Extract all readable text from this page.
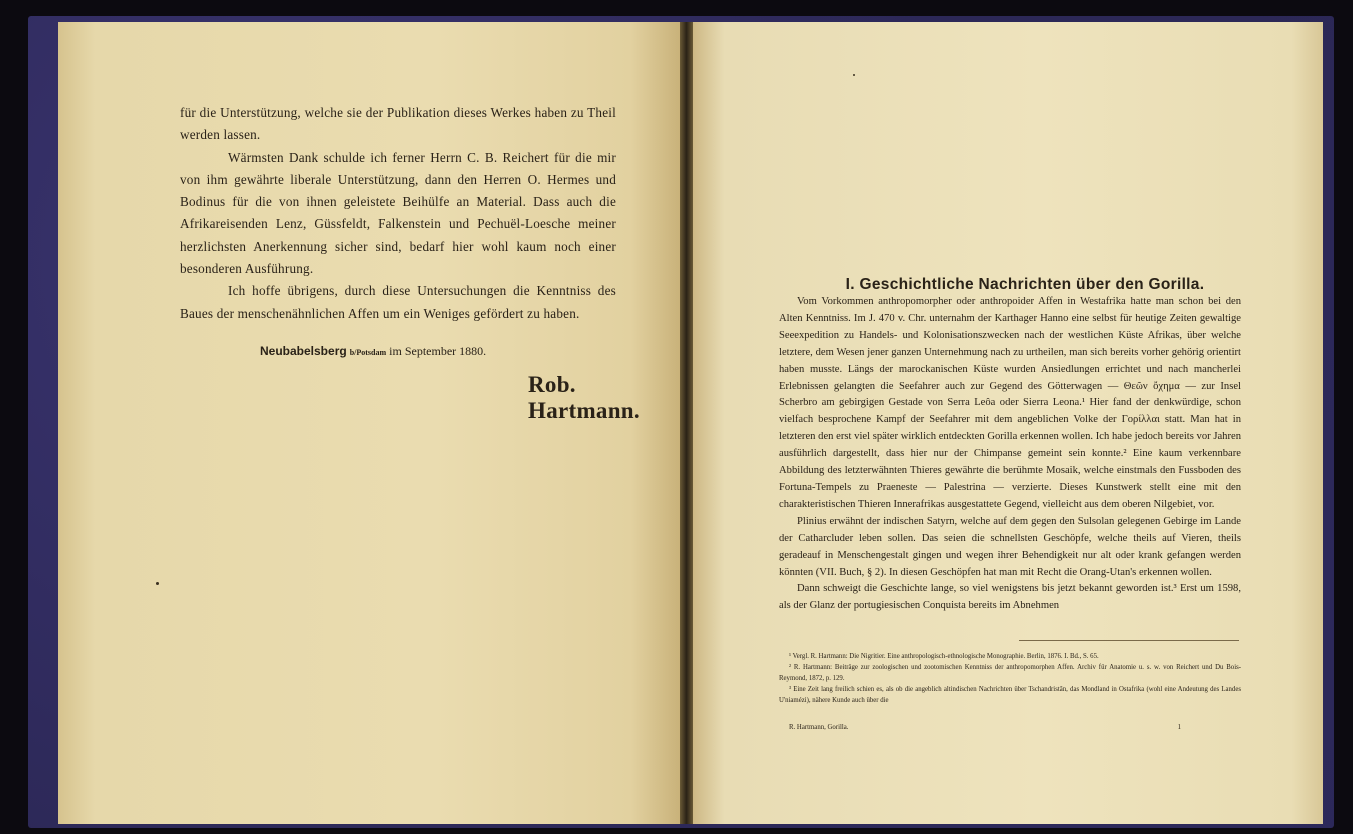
für die Unterstützung, welche sie der Publikation dieses Werkes haben zu Theil werden lassen.

Wärmsten Dank schulde ich ferner Herrn C. B. Reichert für die mir von ihm gewährte liberale Unterstützung, dann den Herren O. Hermes und Bodinus für die von ihnen geleistete Beihülfe an Material. Dass auch die Afrikareisenden Lenz, Güssfeldt, Falkenstein und Pechuël-Loesche meiner herzlichsten Anerkennung sicher sind, bedarf hier wohl kaum noch einer besonderen Ausführung.

Ich hoffe übrigens, durch diese Untersuchungen die Kenntniss des Baues der menschenähnlichen Affen um ein Weniges gefördert zu haben.

Neubabelsberg b/Potsdam im September 1880.
Rob. Hartmann.
I. Geschichtliche Nachrichten über den Gorilla.

Vom Vorkommen anthropomorpher oder anthropoider Affen in Westafrika hatte man schon bei den Alten Kenntniss. Im J. 470 v. Chr. unternahm der Karthager Hanno eine selbst für heutige Zeiten gewaltige Seeexpedition zu Handels- und Kolonisationszwecken nach der westlichen Küste Afrikas, über welche letztere, dem Wesen jener ganzen Unternehmung nach zu urtheilen, man sich bereits vorher gehörig orientirt haben musste. Längs der marockanischen Küste wurden Ansiedlungen errichtet und nach mancherlei Erlebnissen gelangten die Seefahrer auch zur Gegend des Götterwagen — Θεῶν ὄχημα — zur Insel Scherbro am gebirgigen Gestade von Serra Leôa oder Sierra Leona.¹ Hier fand der denkwürdige, schon vielfach besprochene Kampf der Seefahrer mit dem angeblichen Volke der Γορίλλαι statt. Man hat in letzteren den erst viel später wirklich entdeckten Gorilla erkennen wollen. Ich habe jedoch bereits vor Jahren ausführlich dargestellt, dass hier nur der Chimpanse gemeint sein konnte.² Eine kaum verkennbare Abbildung des letzterwähnten Thieres gewährte die berühmte Mosaik, welche einstmals den Fussboden des Fortuna-Tempels zu Praeneste — Palestrina — verzierte. Dieses Kunstwerk stellt eine mit den charakteristischen Thieren Innerafrikas ausgestattete Gegend, vielleicht aus dem oberen Nilgebiet, vor.

Plinius erwähnt der indischen Satyrn, welche auf dem gegen den Sulsolan gelegenen Gebirge im Lande der Catharcluder leben sollen. Das seien die schnellsten Geschöpfe, welche theils auf Vieren, theils geradeauf in Menschengestalt gingen und wegen ihrer Behendigkeit nur alt oder krank gefangen werden könnten (VII. Buch, § 2). In diesen Geschöpfen hat man mit Recht die Orang-Utan's erkennen wollen.

Dann schweigt die Geschichte lange, so viel wenigstens bis jetzt bekannt geworden ist.³ Erst um 1598, als der Glanz der portugiesischen Conquista bereits im Abnehmen

¹ Vergl. R. Hartmann: Die Nigritier. Eine anthropologisch-ethnologische Monographie. Berlin, 1876. I. Bd., S. 65.

² R. Hartmann: Beiträge zur zoologischen und zootomischen Kenntniss der anthropomorphen Affen. Archiv für Anatomie u. s. w. von Reichert und Du Bois-Reymond, 1872, p. 129.

³ Eine Zeit lang freilich schien es, als ob die angeblich altindischen Nachrichten über Tschandristân, das Mondland in Ostafrika (wohl eine Andeutung des Landes U'niamézi), nähere Kunde auch über die

R. Hartmann, Gorilla.	1
